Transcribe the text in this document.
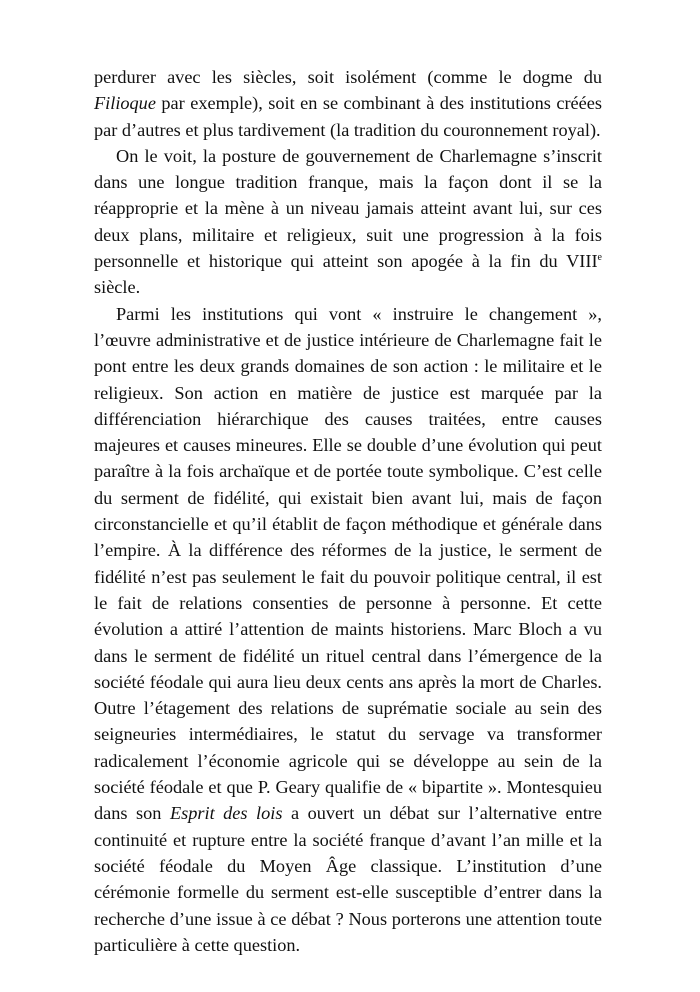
perdurer avec les siècles, soit isolément (comme le dogme du Filioque par exemple), soit en se combinant à des institutions créées par d’autres et plus tardivement (la tradition du couronnement royal).

On le voit, la posture de gouvernement de Charlemagne s’inscrit dans une longue tradition franque, mais la façon dont il se la réapproprie et la mène à un niveau jamais atteint avant lui, sur ces deux plans, militaire et religieux, suit une progression à la fois personnelle et historique qui atteint son apogée à la fin du VIIIe siècle.

Parmi les institutions qui vont « instruire le changement », l’œuvre administrative et de justice intérieure de Charlemagne fait le pont entre les deux grands domaines de son action : le militaire et le religieux. Son action en matière de justice est marquée par la différenciation hiérarchique des causes traitées, entre causes majeures et causes mineures. Elle se double d’une évolution qui peut paraître à la fois archaïque et de portée toute symbolique. C’est celle du serment de fidélité, qui existait bien avant lui, mais de façon circonstancielle et qu’il établit de façon méthodique et générale dans l’empire. À la différence des réformes de la justice, le serment de fidélité n’est pas seulement le fait du pouvoir politique central, il est le fait de relations consenties de personne à personne. Et cette évolution a attiré l’attention de maints historiens. Marc Bloch a vu dans le serment de fidélité un rituel central dans l’émergence de la société féodale qui aura lieu deux cents ans après la mort de Charles. Outre l’étagement des relations de suprématie sociale au sein des seigneuries intermédiaires, le statut du servage va transformer radicalement l’économie agricole qui se développe au sein de la société féodale et que P. Geary qualifie de « bipartite ». Montesquieu dans son Esprit des lois a ouvert un débat sur l’alternative entre continuité et rupture entre la société franque d’avant l’an mille et la société féodale du Moyen Âge classique. L’institution d’une cérémonie formelle du serment est-elle susceptible d’entrer dans la recherche d’une issue à ce débat ? Nous porterons une attention toute particulière à cette question.
